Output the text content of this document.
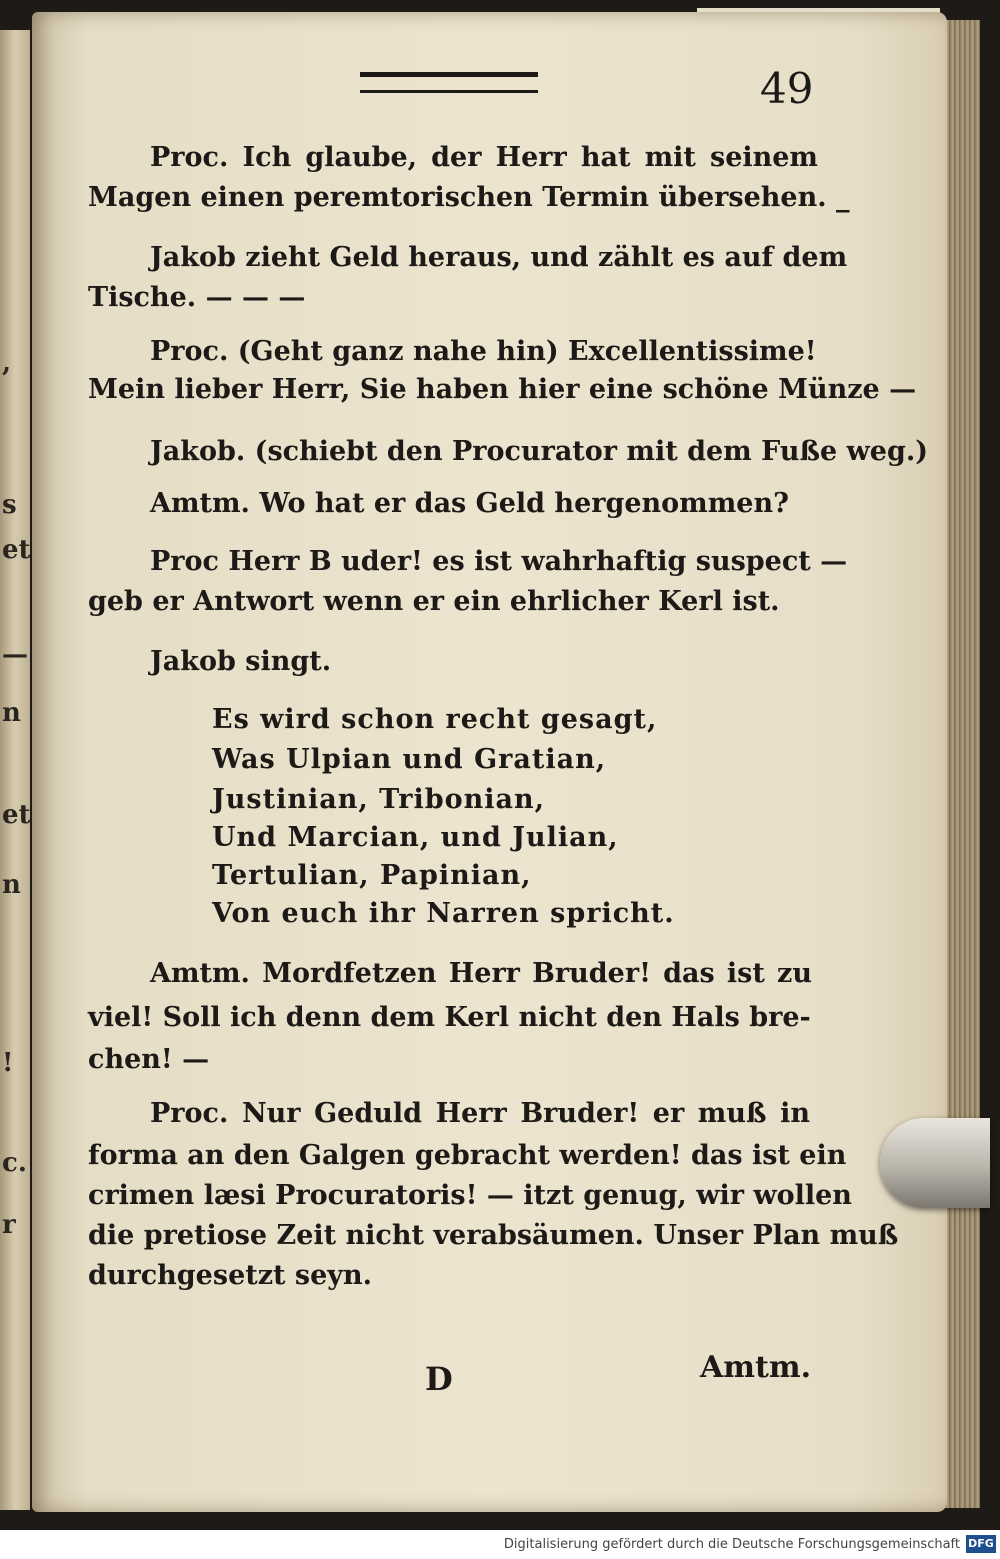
,
s
et
—
n
et
n
!
c.
r
49
Proc. Ich glaube, der Herr hat mit seinem
Magen einen peremtorischen Termin übersehen. _
Jakob zieht Geld heraus, und zählt es auf dem
Tische. — — —
Proc. (Geht ganz nahe hin) Excellentissime!
Mein lieber Herr, Sie haben hier eine schöne Münze —
Jakob. (schiebt den Procurator mit dem Fuße weg.)
Amtm. Wo hat er das Geld hergenommen?
Proc Herr B uder! es ist wahrhaftig suspect —
geb er Antwort wenn er ein ehrlicher Kerl ist.
Jakob singt.
Es wird schon recht gesagt,
Was Ulpian und Gratian,
Justinian, Tribonian,
Und Marcian, und Julian,
Tertulian, Papinian,
Von euch ihr Narren spricht.
Amtm. Mordfetzen Herr Bruder! das ist zu
viel! Soll ich denn dem Kerl nicht den Hals bre-
chen! —
Proc. Nur Geduld Herr Bruder! er muß in
forma an den Galgen gebracht werden! das ist ein
crimen læsi Procuratoris! — itzt genug, wir wollen
die pretiose Zeit nicht verabsäumen. Unser Plan muß
durchgesetzt seyn.
D	Amtm.
Digitalisierung gefördert durch die Deutsche Forschungsgemeinschaft DFG
